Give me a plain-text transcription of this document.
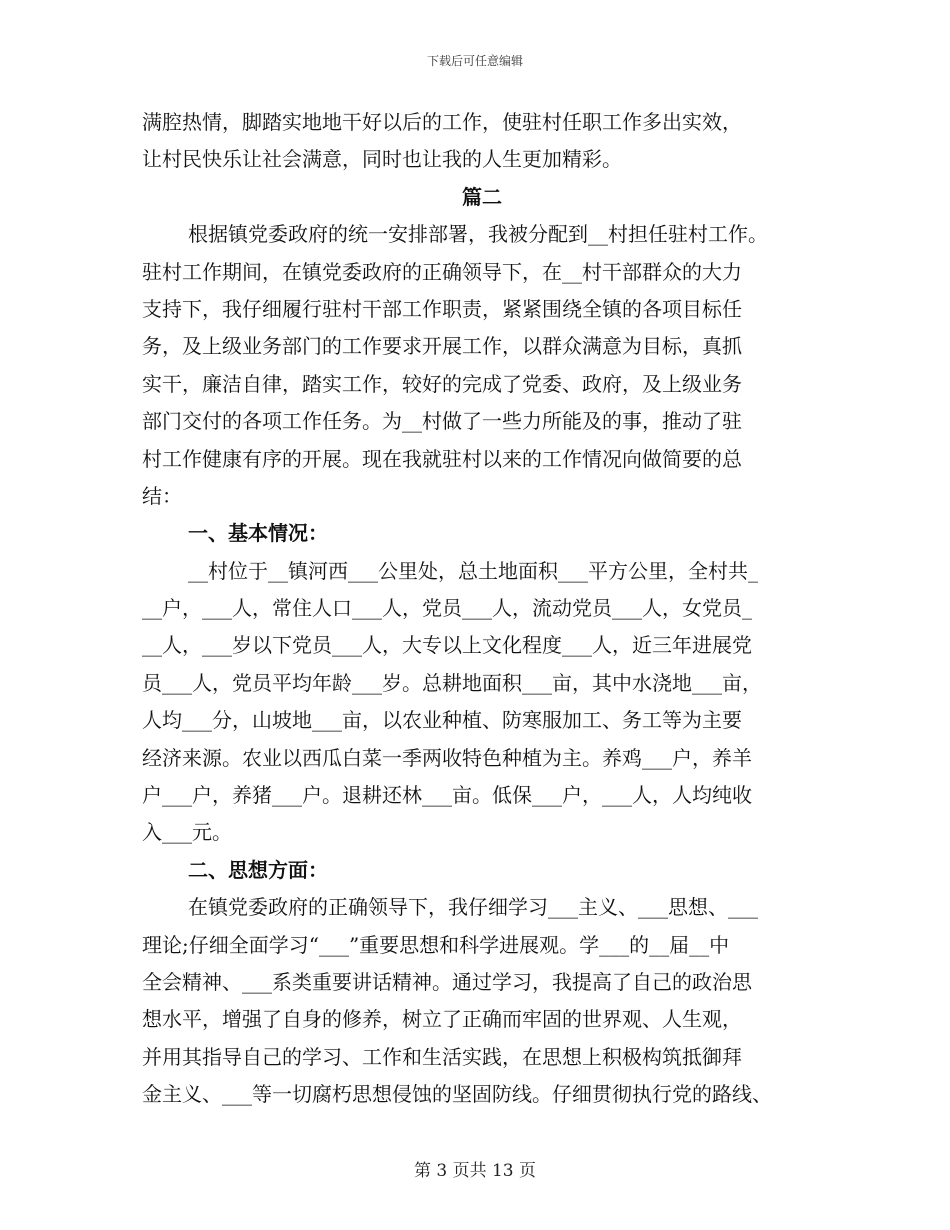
下载后可任意编辑
满腔热情，脚踏实地地干好以后的工作，使驻村任职工作多出实效，
让村民快乐让社会满意，同时也让我的人生更加精彩。
篇二
根据镇党委政府的统一安排部署，我被分配到__村担任驻村工作。
驻村工作期间，在镇党委政府的正确领导下，在__村干部群众的大力
支持下，我仔细履行驻村干部工作职责，紧紧围绕全镇的各项目标任
务，及上级业务部门的工作要求开展工作，以群众满意为目标，真抓
实干，廉洁自律，踏实工作，较好的完成了党委、政府，及上级业务
部门交付的各项工作任务。为__村做了一些力所能及的事，推动了驻
村工作健康有序的开展。现在我就驻村以来的工作情况向做简要的总
结：
一、基本情况：
__村位于__镇河西___公里处，总土地面积___平方公里，全村共_
__户，___人，常住人口___人，党员___人，流动党员___人，女党员_
__人，___岁以下党员___人，大专以上文化程度___人，近三年进展党
员___人，党员平均年龄___岁。总耕地面积___亩，其中水浇地___亩，
人均___分，山坡地___亩，以农业种植、防寒服加工、务工等为主要
经济来源。农业以西瓜白菜一季两收特色种植为主。养鸡___户，养羊
户___户，养猪___户。退耕还林___亩。低保___户，___人，人均纯收
入___元。
二、思想方面：
在镇党委政府的正确领导下，我仔细学习___主义、___思想、___
理论;仔细全面学习“___”重要思想和科学进展观。学___的__届__中
全会精神、___系类重要讲话精神。通过学习，我提高了自己的政治思
想水平，增强了自身的修养，树立了正确而牢固的世界观、人生观，
并用其指导自己的学习、工作和生活实践，在思想上积极构筑抵御拜
金主义、___等一切腐朽思想侵蚀的坚固防线。仔细贯彻执行党的路线、
第 3 页共 13 页
